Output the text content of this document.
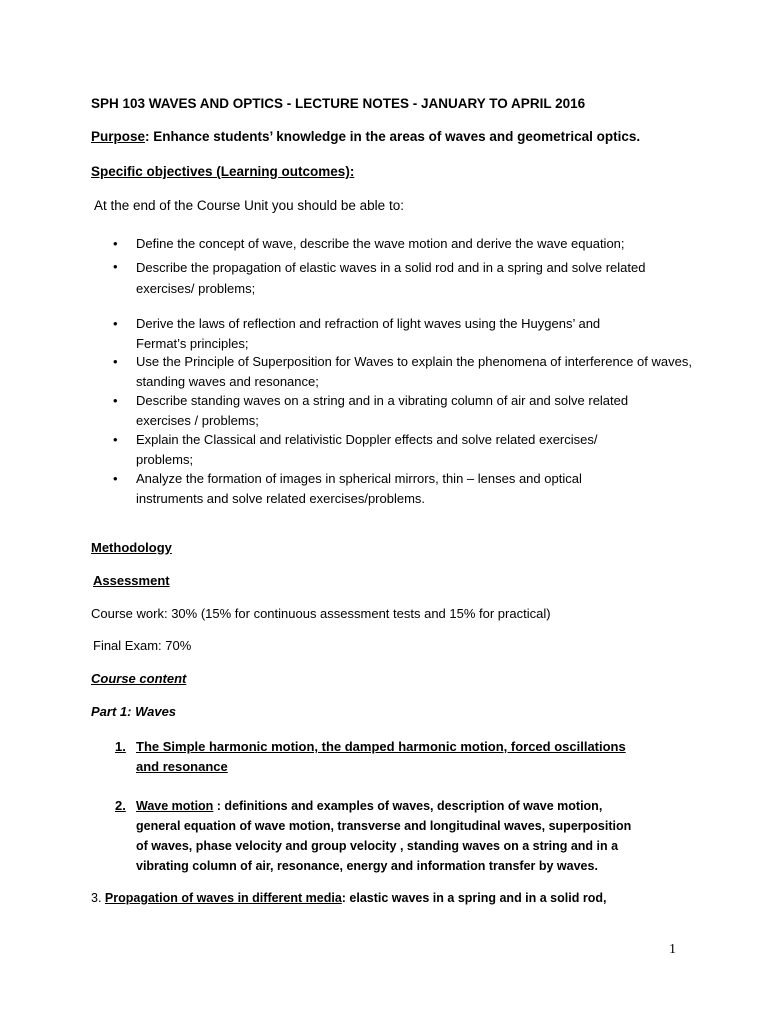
SPH 103 WAVES AND OPTICS - LECTURE NOTES - JANUARY TO APRIL 2016
Purpose: Enhance students’ knowledge in the areas of waves and geometrical optics.
Specific objectives (Learning outcomes):
At the end of the Course Unit you should be able to:
• Define the concept of wave, describe the wave motion and derive the wave equation;
• Describe the propagation of elastic waves in a solid rod and in a spring and solve related exercises/ problems;
• Derive the laws of reflection and refraction of light waves using the Huygens’ and Fermat’s principles;
• Use the Principle of Superposition for Waves to explain the phenomena of interference of waves, standing waves and resonance;
• Describe standing waves on a string and in a vibrating column of air and solve related exercises / problems;
• Explain the Classical and relativistic Doppler effects and solve related exercises/ problems;
• Analyze the formation of images in spherical mirrors, thin – lenses and optical instruments and solve related exercises/problems.
Methodology
Assessment
Course work: 30% (15% for continuous assessment tests and 15% for practical)
Final Exam: 70%
Course content
Part 1: Waves
1. The Simple harmonic motion, the damped harmonic motion, forced oscillations and resonance
2. Wave motion : definitions and examples of waves, description of wave motion, general equation of wave motion, transverse and longitudinal waves, superposition of waves, phase velocity and group velocity , standing waves on a string and in a vibrating column of air, resonance, energy and information transfer by waves.
3. Propagation of waves in different media: elastic waves in a spring and in a solid rod,
1
